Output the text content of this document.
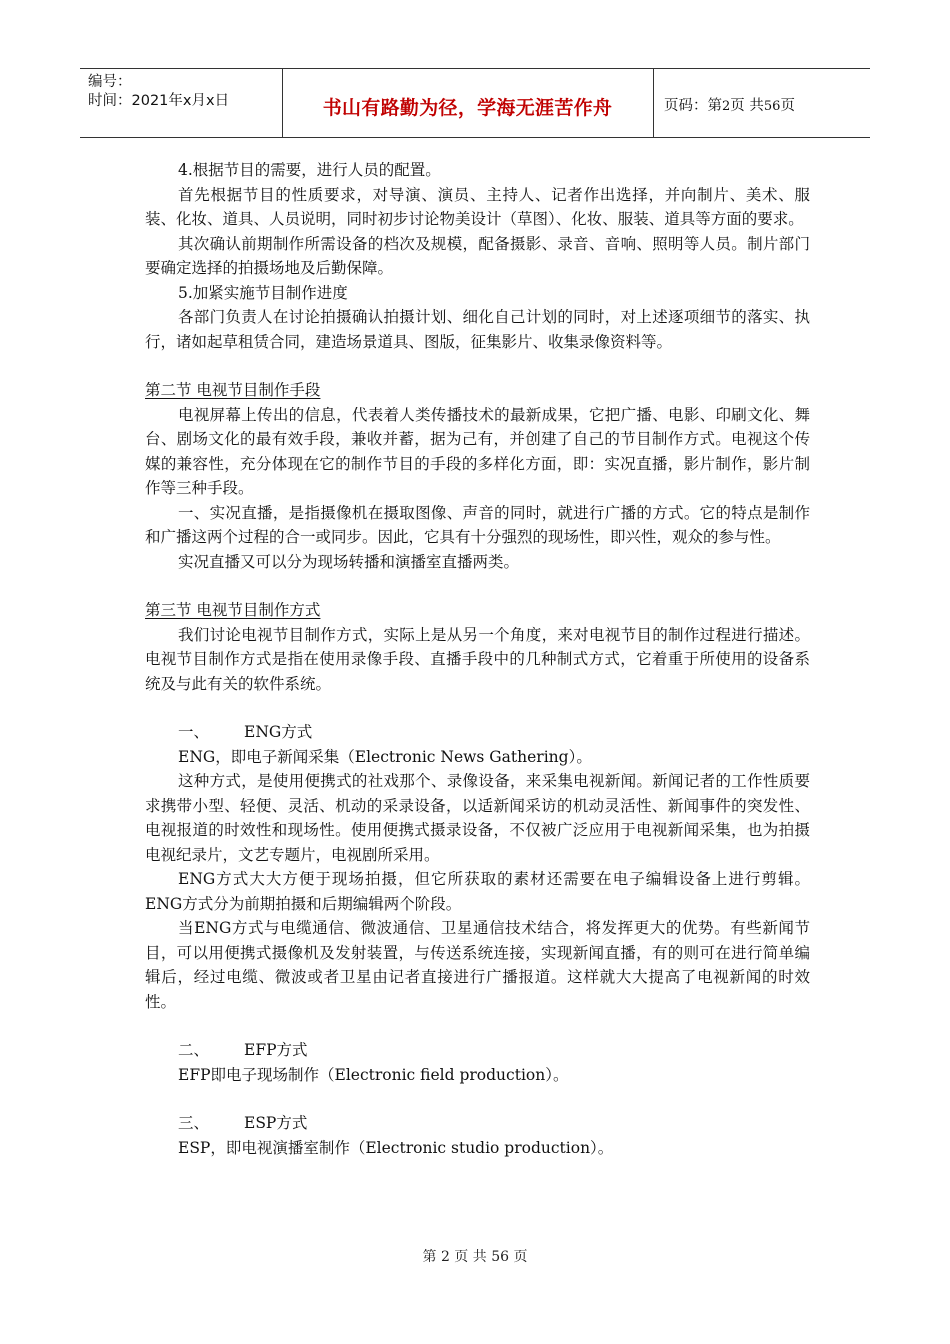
编号：
时间：2021年x月x日	书山有路勤为径，学海无涯苦作舟	页码：第2页 共56页

4.根据节目的需要，进行人员的配置。

首先根据节目的性质要求，对导演、演员、主持人、记者作出选择，并向制片、美术、服装、化妆、道具、人员说明，同时初步讨论物美设计（草图）、化妆、服装、道具等方面的要求。

其次确认前期制作所需设备的档次及规模，配备摄影、录音、音响、照明等人员。制片部门要确定选择的拍摄场地及后勤保障。

5.加紧实施节目制作进度

各部门负责人在讨论拍摄确认拍摄计划、细化自己计划的同时，对上述逐项细节的落实、执行，诸如起草租赁合同，建造场景道具、图版，征集影片、收集录像资料等。

第二节 电视节目制作手段

电视屏幕上传出的信息，代表着人类传播技术的最新成果，它把广播、电影、印刷文化、舞台、剧场文化的最有效手段，兼收并蓄，据为己有，并创建了自己的节目制作方式。电视这个传媒的兼容性，充分体现在它的制作节目的手段的多样化方面，即：实况直播，影片制作，影片制作等三种手段。

一、实况直播，是指摄像机在摄取图像、声音的同时，就进行广播的方式。它的特点是制作和广播这两个过程的合一或同步。因此，它具有十分强烈的现场性，即兴性，观众的参与性。

实况直播又可以分为现场转播和演播室直播两类。

第三节 电视节目制作方式

我们讨论电视节目制作方式，实际上是从另一个角度，来对电视节目的制作过程进行描述。电视节目制作方式是指在使用录像手段、直播手段中的几种制式方式，它着重于所使用的设备系统及与此有关的软件系统。

一、 ENG方式

ENG，即电子新闻采集（Electronic News Gathering）。

这种方式，是使用便携式的社戏那个、录像设备，来采集电视新闻。新闻记者的工作性质要求携带小型、轻便、灵活、机动的采录设备，以适新闻采访的机动灵活性、新闻事件的突发性、电视报道的时效性和现场性。使用便携式摄录设备，不仅被广泛应用于电视新闻采集，也为拍摄电视纪录片，文艺专题片，电视剧所采用。

ENG方式大大方便于现场拍摄，但它所获取的素材还需要在电子编辑设备上进行剪辑。ENG方式分为前期拍摄和后期编辑两个阶段。

当ENG方式与电缆通信、微波通信、卫星通信技术结合，将发挥更大的优势。有些新闻节目，可以用便携式摄像机及发射装置，与传送系统连接，实现新闻直播，有的则可在进行简单编辑后，经过电缆、微波或者卫星由记者直接进行广播报道。这样就大大提高了电视新闻的时效性。

二、 EFP方式

EFP即电子现场制作（Electronic field production）。

三、 ESP方式

ESP，即电视演播室制作（Electronic studio production）。

第 2 页 共 56 页
